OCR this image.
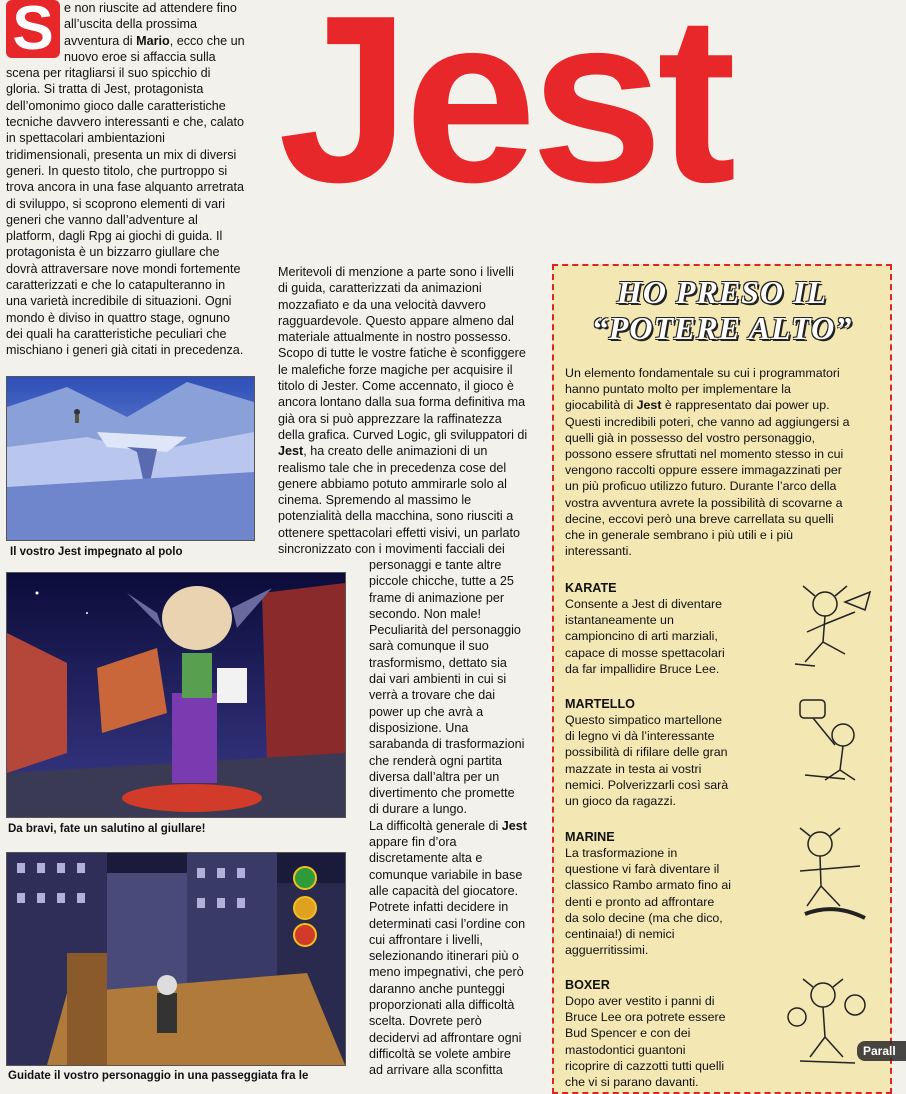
Jest
S e non riuscite ad attendere fino
all’uscita della prossima
avventura di Mario, ecco che un
nuovo eroe si affaccia sulla
scena per ritagliarsi il suo spicchio di
gloria. Si tratta di Jest, protagonista
dell’omonimo gioco dalle caratteristiche
tecniche davvero interessanti e che, calato
in spettacolari ambientazioni
tridimensionali, presenta un mix di diversi
generi. In questo titolo, che purtroppo si
trova ancora in una fase alquanto arretrata
di sviluppo, si scoprono elementi di vari
generi che vanno dall’adventure al
platform, dagli Rpg ai giochi di guida. Il
protagonista è un bizzarro giullare che
dovrà attraversare nove mondi fortemente
caratterizzati e che lo catapulteranno in
una varietà incredibile di situazioni. Ogni
mondo è diviso in quattro stage, ognuno
dei quali ha caratteristiche peculiari che
mischiano i generi già citati in precedenza.
Il vostro Jest impegnato al polo
Da bravi, fate un salutino al giullare!
Guidate il vostro personaggio in una passeggiata fra le
Meritevoli di menzione a parte sono i livelli
di guida, caratterizzati da animazioni
mozzafiato e da una velocità davvero
ragguardevole. Questo appare almeno dal
materiale attualmente in nostro possesso.
Scopo di tutte le vostre fatiche è sconfiggere
le malefiche forze magiche per acquisire il
titolo di Jester. Come accennato, il gioco è
ancora lontano dalla sua forma definitiva ma
già ora si può apprezzare la raffinatezza
della grafica. Curved Logic, gli sviluppatori di
Jest, ha creato delle animazioni di un
realismo tale che in precedenza cose del
genere abbiamo potuto ammirarle solo al
cinema. Spremendo al massimo le
potenzialità della macchina, sono riusciti a
ottenere spettacolari effetti visivi, un parlato
sincronizzato con i movimenti facciali dei
personaggi e tante altre
piccole chicche, tutte a 25
frame di animazione per
secondo. Non male!
Peculiarità del personaggio
sarà comunque il suo
trasformismo, dettato sia
dai vari ambienti in cui si
verrà a trovare che dai
power up che avrà a
disposizione. Una
sarabanda di trasformazioni
che renderà ogni partita
diversa dall’altra per un
divertimento che promette
di durare a lungo.
La difficoltà generale di Jest
appare fin d’ora
discretamente alta e
comunque variabile in base
alle capacità del giocatore.
Potrete infatti decidere in
determinati casi l’ordine con
cui affrontare i livelli,
selezionando itinerari più o
meno impegnativi, che però
daranno anche punteggi
proporzionati alla difficoltà
scelta. Dovrete però
decidervi ad affrontare ogni
difficoltà se volete ambire
ad arrivare alla sconfitta
HO PRESO IL
“POTERE ALTO”
Un elemento fondamentale su cui i programmatori
hanno puntato molto per implementare la
giocabilità di Jest è rappresentato dai power up.
Questi incredibili poteri, che vanno ad aggiungersi a
quelli già in possesso del vostro personaggio,
possono essere sfruttati nel momento stesso in cui
vengono raccolti oppure essere immagazzinati per
un più proficuo utilizzo futuro. Durante l’arco della
vostra avventura avrete la possibilità di scovarne a
decine, eccovi però una breve carrellata su quelli
che in generale sembrano i più utili e i più
interessanti.
KARATE
Consente a Jest di diventare
istantaneamente un
campioncino di arti marziali,
capace di mosse spettacolari
da far impallidire Bruce Lee.
MARTELLO
Questo simpatico martellone
di legno vi dà l’interessante
possibilità di rifilare delle gran
mazzate in testa ai vostri
nemici. Polverizzarli così sarà
un gioco da ragazzi.
MARINE
La trasformazione in
questione vi farà diventare il
classico Rambo armato fino ai
denti e pronto ad affrontare
da solo decine (ma che dico,
centinaia!) di nemici
agguerritissimi.
BOXER
Dopo aver vestito i panni di
Bruce Lee ora potrete essere
Bud Spencer e con dei
mastodontici guantoni
ricoprire di cazzotti tutti quelli
che vi si parano davanti.
Parall
